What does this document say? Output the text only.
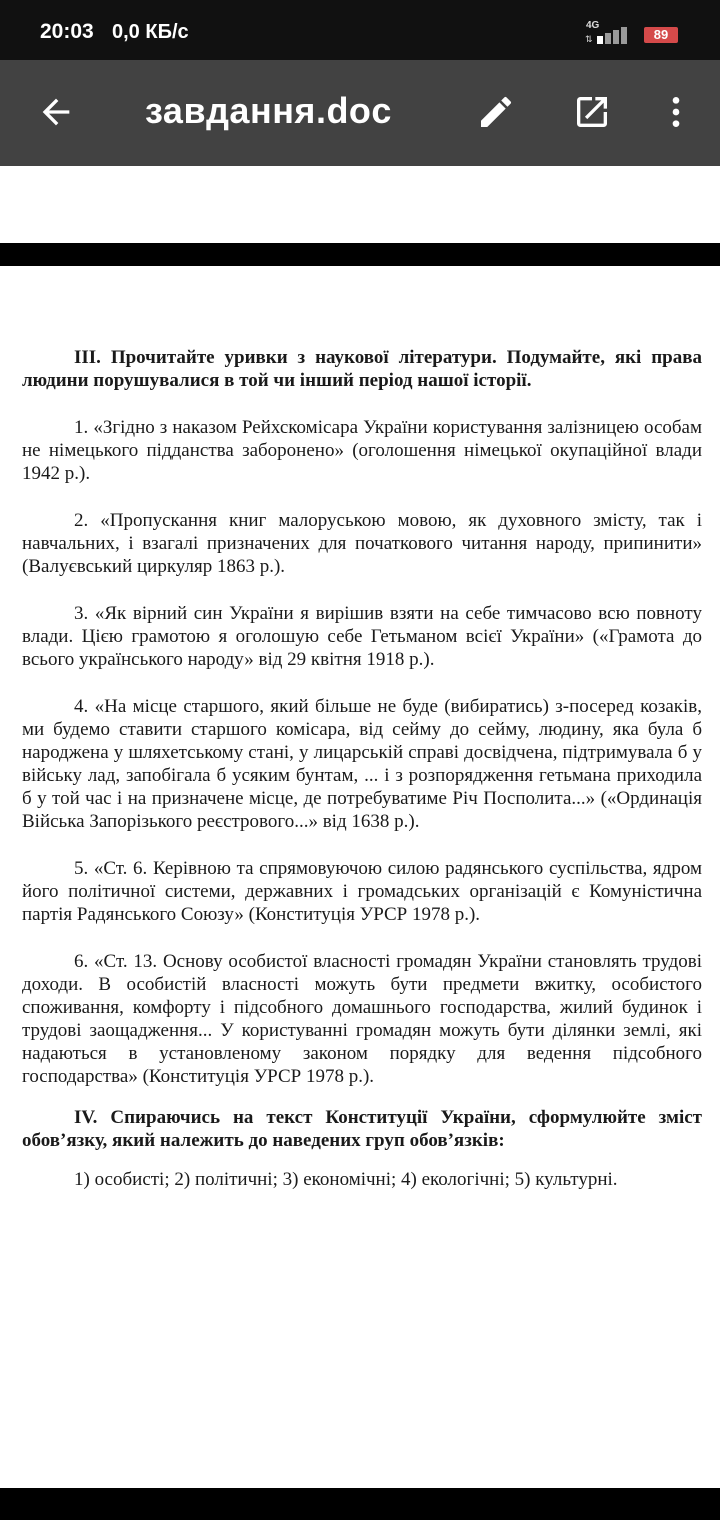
20:03 0,0 КБ/с	4G
⇅	89
завдання.doc

III. Прочитайте уривки з наукової літератури. Подумайте, які права людини порушувалися в той чи інший період нашої історії.

1. «Згідно з наказом Рейхскомісара України користування залізницею особам не німецького підданства заборонено» (оголошення німецької окупаційної влади 1942 р.).

2. «Пропускання книг малоруською мовою, як духовного змісту, так і навчальних, і взагалі призначених для початкового читання народу, припинити» (Валуєвський циркуляр 1863 р.).

3. «Як вірний син України я вирішив взяти на себе тимчасово всю повноту влади. Цією грамотою я оголошую себе Гетьманом всієї України» («Грамота до всього українського народу» від 29 квітня 1918 р.).

4. «На місце старшого, який більше не буде (вибиратись) з-посеред козаків, ми будемо ставити старшого комісара, від сейму до сейму, людину, яка була б народжена у шляхетському стані, у лицарській справі досвідчена, підтримувала б у війську лад, запобігала б усяким бунтам, ... і з розпорядження гетьмана приходила б у той час і на призначене місце, де потребуватиме Річ Посполита...» («Ординація Війська Запорізького реєстрового...» від 1638 р.).

5. «Ст. 6. Керівною та спрямовуючою силою радянського суспільства, ядром його політичної системи, державних і громадських організацій є Комуністична партія Радянського Союзу» (Конституція УРСР 1978 р.).

6. «Ст. 13. Основу особистої власності громадян України становлять трудові доходи. В особистій власності можуть бути предмети вжитку, особистого споживання, комфорту і підсобного домашнього господарства, жилий будинок і трудові заощадження... У користуванні громадян можуть бути ділянки землі, які надаються в установленому законом порядку для ведення підсобного господарства» (Конституція УРСР 1978 р.).

IV. Спираючись на текст Конституції України, сформулюйте зміст обов’язку, який належить до наведених груп обов’язків:

1) особисті; 2) політичні; 3) економічні; 4) екологічні; 5) культурні.
